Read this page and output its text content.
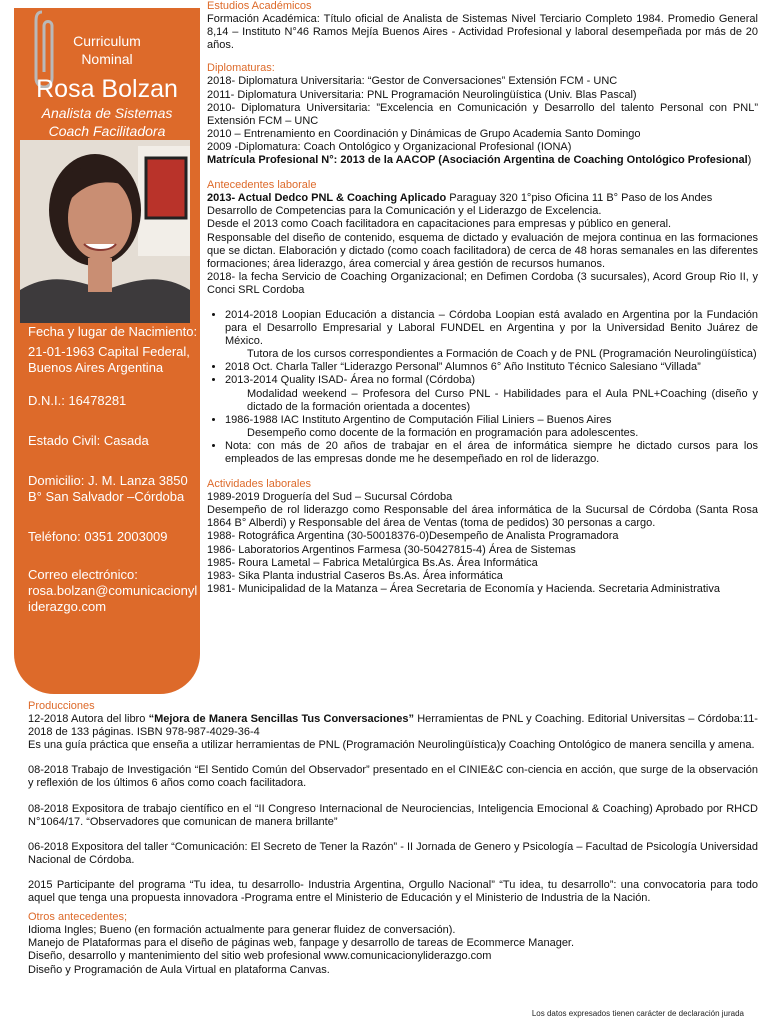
Curriculum
Nominal
Rosa Bolzan
Analista de Sistemas
Coach Facilitadora
Fecha y lugar de Nacimiento:
21-01-1963 Capital Federal, Buenos Aires Argentina
D.N.I.: 16478281
Estado Civil: Casada
Domicilio: J. M. Lanza 3850 B° San Salvador –Córdoba
Teléfono: 0351 2003009
Correo electrónico:
rosa.bolzan@comunicacionyliderazgo.com

Estudios Académicos

Formación Académica: Título oficial de Analista de Sistemas Nivel Terciario Completo 1984. Promedio General 8,14 – Instituto N°46 Ramos Mejía Buenos Aires - Actividad Profesional y laboral desempeñada por más de 20 años.

Diplomaturas:

2018- Diplomatura Universitaria: “Gestor de Conversaciones” Extensión FCM - UNC

2011- Diplomatura Universitaria: PNL Programación Neurolingüística (Univ. Blas Pascal)

2010- Diplomatura Universitaria: ”Excelencia en Comunicación y Desarrollo del talento Personal con PNL” Extensión FCM – UNC

2010 – Entrenamiento en Coordinación y Dinámicas de Grupo Academia Santo Domingo

2009 -Diplomatura: Coach Ontológico y Organizacional Profesional (IONA)

Matrícula Profesional N°: 2013 de la AACOP (Asociación Argentina de Coaching Ontológico Profesional)

Antecedentes laborale

2013- Actual Dedco PNL & Coaching Aplicado Paraguay 320 1°piso Oficina 11 B° Paso de los Andes

Desarrollo de Competencias para la Comunicación y el Liderazgo de Excelencia.

Desde el 2013 como Coach facilitadora en capacitaciones para empresas y público en general.

Responsable del diseño de contenido, esquema de dictado y evaluación de mejora continua en las formaciones que se dictan. Elaboración y dictado (como coach facilitadora) de cerca de 48 horas semanales en las diferentes formaciones; área liderazgo, área comercial y área gestión de recursos humanos.

2018- la fecha Servicio de Coaching Organizacional; en Defimen Cordoba (3 sucursales), Acord Group Rio II, y Conci SRL Cordoba

• 2014-2018 Loopian Educación a distancia – Córdoba Loopian está avalado en Argentina por la Fundación para el Desarrollo Empresarial y Laboral FUNDEL en Argentina y por la Universidad Benito Juárez de México.
Tutora de los cursos correspondientes a Formación de Coach y de PNL (Programación Neurolingüística)
• 2018 Oct. Charla Taller “Liderazgo Personal” Alumnos 6° Año Instituto Técnico Salesiano “Villada”
• 2013-2014 Quality ISAD- Área no formal (Córdoba)
Modalidad weekend – Profesora del Curso PNL - Habilidades para el Aula PNL+Coaching (diseño y dictado de la formación orientada a docentes)
• 1986-1988 IAC Instituto Argentino de Computación Filial Liniers – Buenos Aires
Desempeño como docente de la formación en programación para adolescentes.
• Nota: con más de 20 años de trabajar en el área de informática siempre he dictado cursos para los empleados de las empresas donde me he desempeñado en rol de liderazgo.

Actividades laborales

1989-2019 Droguería del Sud – Sucursal Córdoba

Desempeño de rol liderazgo como Responsable del área informática de la Sucursal de Córdoba (Santa Rosa 1864 B° Alberdi) y Responsable del área de Ventas (toma de pedidos) 30 personas a cargo.

1988- Rotográfica Argentina (30-50018376-0)Desempeño de Analista Programadora

1986- Laboratorios Argentinos Farmesa (30-50427815-4) Área de Sistemas

1985- Roura Lametal – Fabrica Metalúrgica Bs.As. Área Informática

1983- Sika Planta industrial Caseros Bs.As. Área informática

1981- Municipalidad de la Matanza – Área Secretaria de Economía y Hacienda. Secretaria Administrativa

Producciones

12-2018 Autora del libro “Mejora de Manera Sencillas Tus Conversaciones” Herramientas de PNL y Coaching. Editorial Universitas – Córdoba:11-2018 de 133 páginas. ISBN 978-987-4029-36-4

Es una guía práctica que enseña a utilizar herramientas de PNL (Programación Neurolingüística)y Coaching Ontológico de manera sencilla y amena.

08-2018 Trabajo de Investigación “El Sentido Común del Observador” presentado en el CINIE&C con-ciencia en acción, que surge de la observación y reflexión de los últimos 6 años como coach facilitadora.

08-2018 Expositora de trabajo científico en el “II Congreso Internacional de Neurociencias, Inteligencia Emocional & Coaching) Aprobado por RHCD N°1064/17. “Observadores que comunican de manera brillante”

06-2018 Expositora del taller “Comunicación: El Secreto de Tener la Razón” - II Jornada de Genero y Psicología – Facultad de Psicología Universidad Nacional de Córdoba.

2015 Participante del programa “Tu idea, tu desarrollo- Industria Argentina, Orgullo Nacional” “Tu idea, tu desarrollo”: una convocatoria para todo aquel que tenga una propuesta innovadora -Programa entre el Ministerio de Educación y el Ministerio de Industria de la Nación.

Otros antecedentes;

Idioma Ingles; Bueno (en formación actualmente para generar fluidez de conversación).

Manejo de Plataformas para el diseño de páginas web, fanpage y desarrollo de tareas de Ecommerce Manager.

Diseño, desarrollo y mantenimiento del sitio web profesional www.comunicacionyliderazgo.com

Diseño y Programación de Aula Virtual en plataforma Canvas.

Los datos expresados tienen carácter de declaración jurada
